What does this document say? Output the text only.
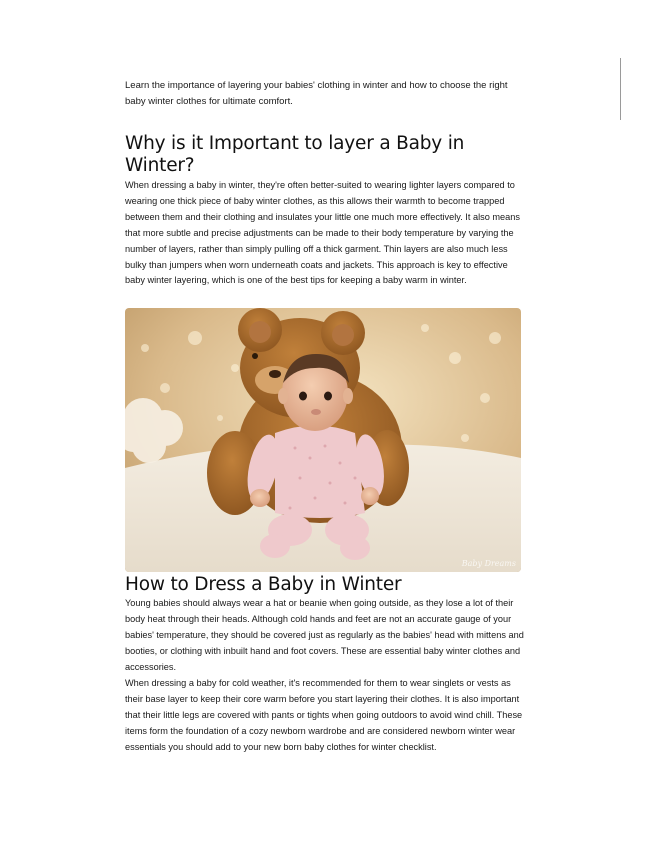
Learn the importance of layering your babies' clothing in winter and how to choose the right baby winter clothes for ultimate comfort.

Why is it Important to layer a Baby in Winter?

When dressing a baby in winter, they're often better-suited to wearing lighter layers compared to wearing one thick piece of baby winter clothes, as this allows their warmth to become trapped between them and their clothing and insulates your little one much more effectively. It also means that more subtle and precise adjustments can be made to their body temperature by varying the number of layers, rather than simply pulling off a thick garment. Thin layers are also much less bulky than jumpers when worn underneath coats and jackets. This approach is key to effective baby winter layering, which is one of the best tips for keeping a baby warm in winter.

Baby Dreams
How to Dress a Baby in Winter

Young babies should always wear a hat or beanie when going outside, as they lose a lot of their body heat through their heads. Although cold hands and feet are not an accurate gauge of your babies' temperature, they should be covered just as regularly as the babies' head with mittens and booties, or clothing with inbuilt hand and foot covers. These are essential baby winter clothes and accessories.

When dressing a baby for cold weather, it's recommended for them to wear singlets or vests as their base layer to keep their core warm before you start layering their clothes. It is also important that their little legs are covered with pants or tights when going outdoors to avoid wind chill. These items form the foundation of a cozy newborn wardrobe and are considered newborn winter wear essentials you should add to your new born baby clothes for winter checklist.
